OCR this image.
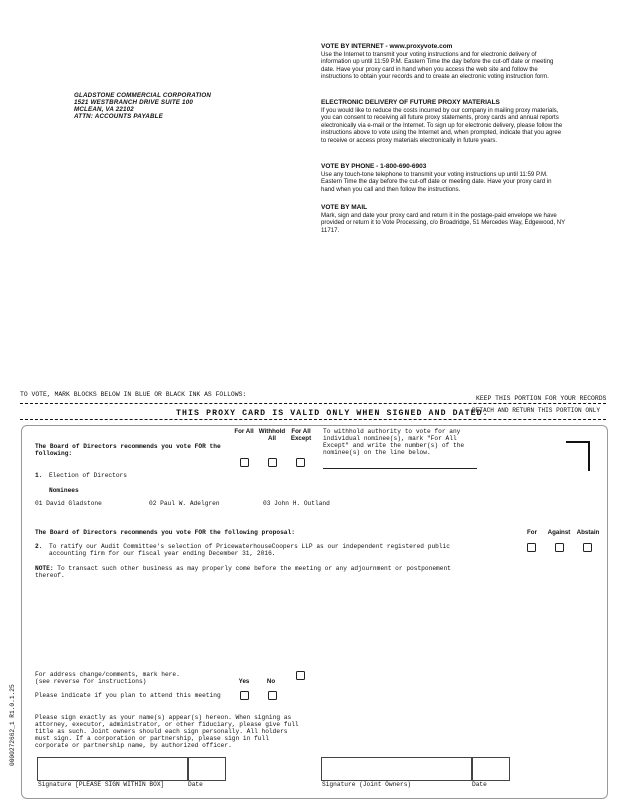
GLADSTONE COMMERCIAL CORPORATION
1521 WESTBRANCH DRIVE SUITE 100
MCLEAN, VA 22102
ATTN: ACCOUNTS PAYABLE
VOTE BY INTERNET - www.proxyvote.com
Use the Internet to transmit your voting instructions and for electronic delivery of information up until 11:59 P.M. Eastern Time the day before the cut-off date or meeting date. Have your proxy card in hand when you access the web site and follow the instructions to obtain your records and to create an electronic voting instruction form.
ELECTRONIC DELIVERY OF FUTURE PROXY MATERIALS
If you would like to reduce the costs incurred by our company in mailing proxy materials, you can consent to receiving all future proxy statements, proxy cards and annual reports electronically via e-mail or the Internet. To sign up for electronic delivery, please follow the instructions above to vote using the Internet and, when prompted, indicate that you agree to receive or access proxy materials electronically in future years.
VOTE BY PHONE - 1-800-690-6903
Use any touch-tone telephone to transmit your voting instructions up until 11:59 P.M. Eastern Time the day before the cut-off date or meeting date. Have your proxy card in hand when you call and then follow the instructions.
VOTE BY MAIL
Mark, sign and date your proxy card and return it in the postage-paid envelope we have provided or return it to Vote Processing, c/o Broadridge, 51 Mercedes Way, Edgewood, NY 11717.
TO VOTE, MARK BLOCKS BELOW IN BLUE OR BLACK INK AS FOLLOWS:
KEEP THIS PORTION FOR YOUR RECORDS
DETACH AND RETURN THIS PORTION ONLY
THIS PROXY CARD IS VALID ONLY WHEN SIGNED AND DATED.
The Board of Directors recommends you vote FOR the following:
For All Withhold All
For All Except
To withhold authority to vote for any individual nominee(s), mark "For All Except" and write the number(s) of the nominee(s) on the line below.
1. Election of Directors
Nominees
01 David Gladstone	02 Paul W. Adelgren	03 John H. Outland
The Board of Directors recommends you vote FOR the following proposal:	For	Against	Abstain
2. To ratify our Audit Committee's selection of PricewaterhouseCoopers LLP as our independent registered public accounting firm for our fiscal year ending December 31, 2016.
NOTE: To transact such other business as may properly come before the meeting or any adjournment or postponement thereof.
For address change/comments, mark here.
(see reverse for instructions)	Yes	No
Please indicate if you plan to attend this meeting
Please sign exactly as your name(s) appear(s) hereon. When signing as attorney, executor, administrator, or other fiduciary, please give full title as such. Joint owners should each sign personally. All holders must sign. If a corporation or partnership, please sign in full corporate or partnership name, by authorized officer.
Signature [PLEASE SIGN WITHIN BOX]	Date	Signature (Joint Owners)	Date
0000272662_1 R1.0.1.25
